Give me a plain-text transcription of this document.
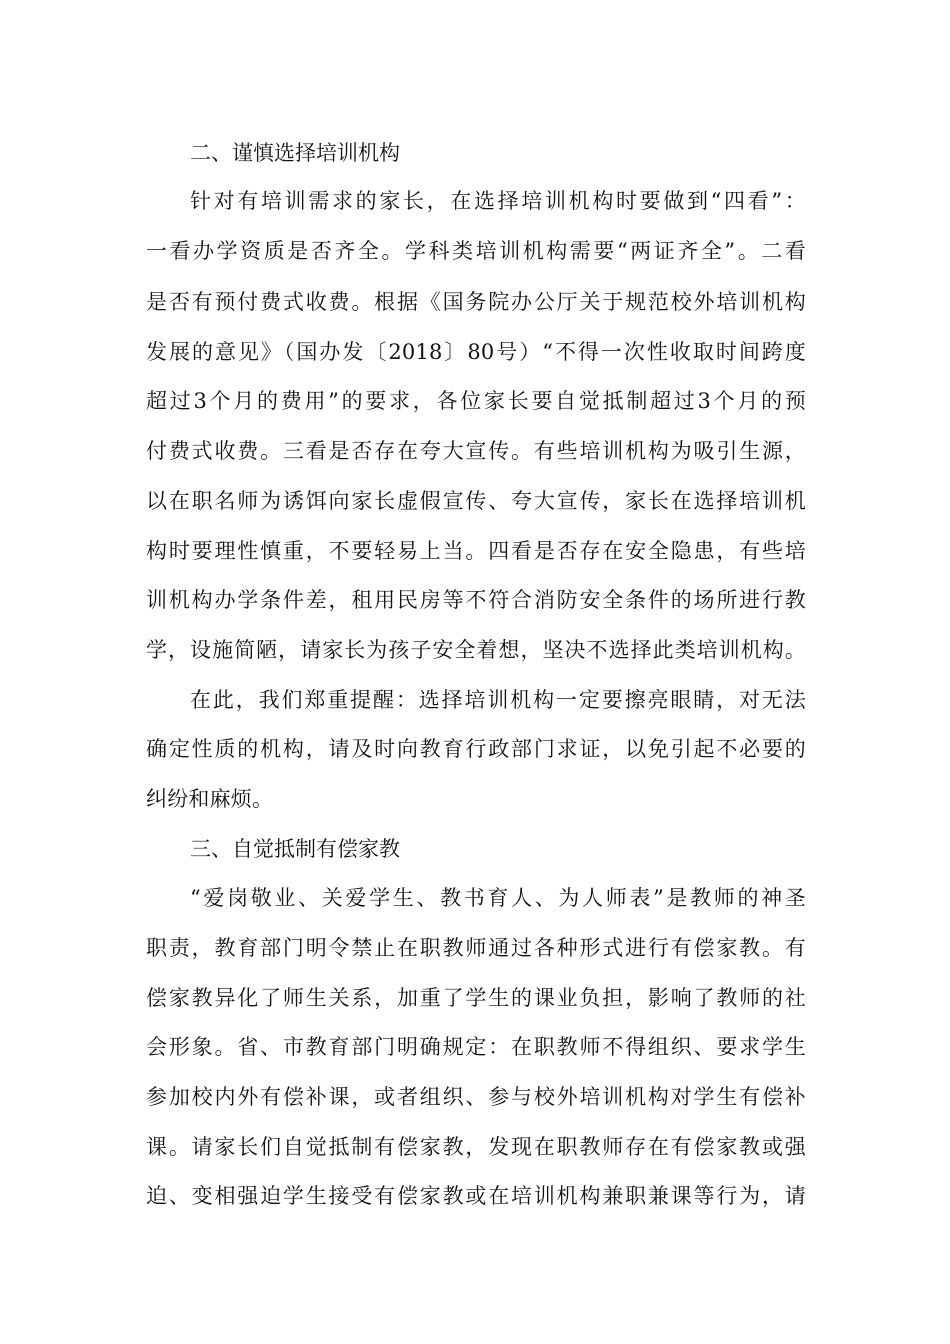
二、谨慎选择培训机构
针对有培训需求的家长，在选择培训机构时要做到“四看”：
一看办学资质是否齐全。学科类培训机构需要“两证齐全”。二看
是否有预付费式收费。根据《国务院办公厅关于规范校外培训机构
发展的意见》（国办发〔2018〕80号）“不得一次性收取时间跨度
超过3个月的费用”的要求，各位家长要自觉抵制超过3个月的预
付费式收费。三看是否存在夸大宣传。有些培训机构为吸引生源，
以在职名师为诱饵向家长虚假宣传、夸大宣传，家长在选择培训机
构时要理性慎重，不要轻易上当。四看是否存在安全隐患，有些培
训机构办学条件差，租用民房等不符合消防安全条件的场所进行教
学，设施简陋，请家长为孩子安全着想，坚决不选择此类培训机构。
在此，我们郑重提醒：选择培训机构一定要擦亮眼睛，对无法
确定性质的机构，请及时向教育行政部门求证，以免引起不必要的
纠纷和麻烦。
三、自觉抵制有偿家教
“爱岗敬业、关爱学生、教书育人、为人师表”是教师的神圣
职责，教育部门明令禁止在职教师通过各种形式进行有偿家教。有
偿家教异化了师生关系，加重了学生的课业负担，影响了教师的社
会形象。省、市教育部门明确规定：在职教师不得组织、要求学生
参加校内外有偿补课，或者组织、参与校外培训机构对学生有偿补
课。请家长们自觉抵制有偿家教，发现在职教师存在有偿家教或强
迫、变相强迫学生接受有偿家教或在培训机构兼职兼课等行为，请
